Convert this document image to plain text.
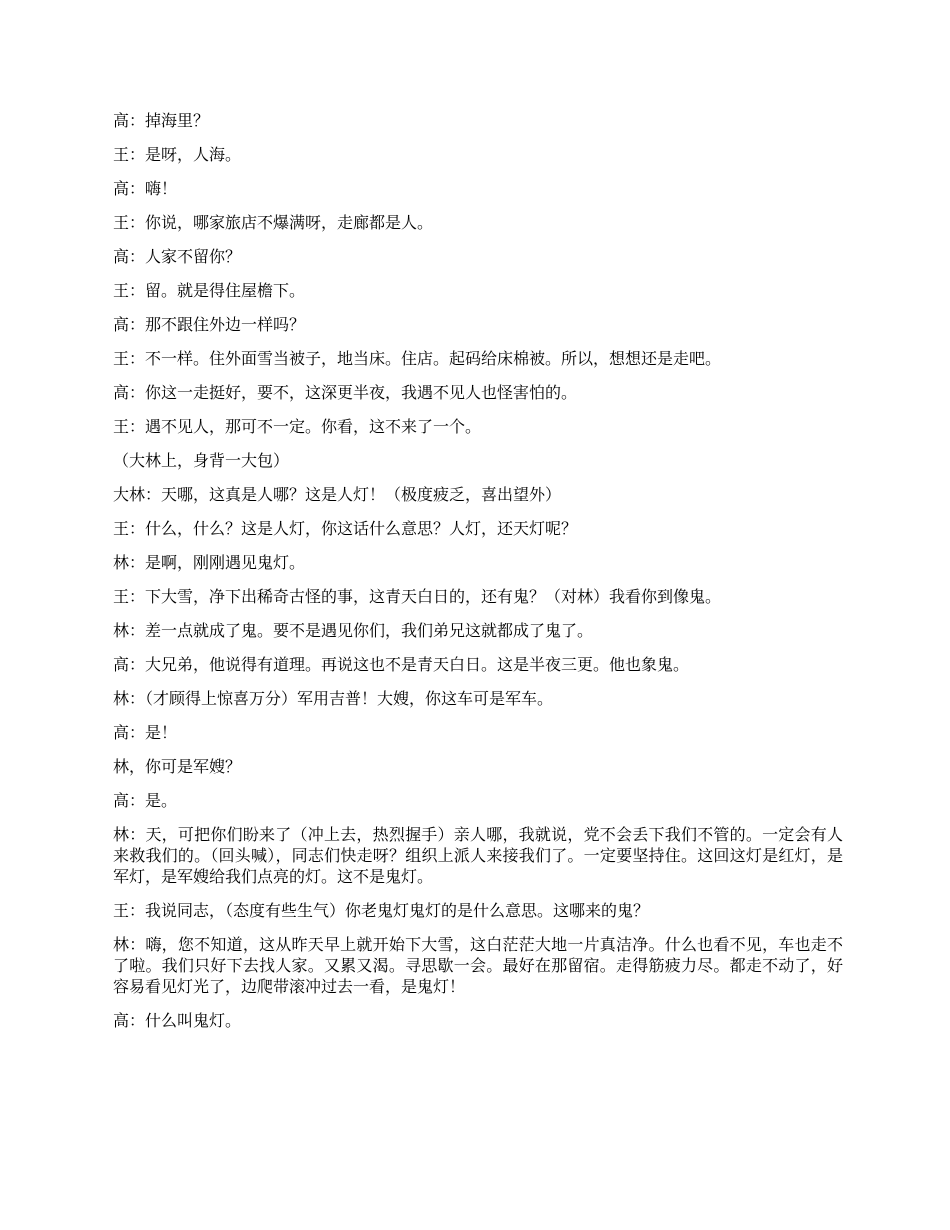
高：掉海里？

王：是呀，人海。

高：嗨！

王：你说，哪家旅店不爆满呀，走廊都是人。

高：人家不留你？

王：留。就是得住屋檐下。

高：那不跟住外边一样吗？

王：不一样。住外面雪当被子，地当床。住店。起码给床棉被。所以，想想还是走吧。

高：你这一走挺好，要不，这深更半夜，我遇不见人也怪害怕的。

王：遇不见人，那可不一定。你看，这不来了一个。

（大林上，身背一大包）

大林：天哪，这真是人哪？这是人灯！（极度疲乏，喜出望外）

王：什么，什么？这是人灯，你这话什么意思？人灯，还天灯呢？

林：是啊，刚刚遇见鬼灯。

王：下大雪，净下出稀奇古怪的事，这青天白日的，还有鬼？（对林）我看你到像鬼。

林：差一点就成了鬼。要不是遇见你们，我们弟兄这就都成了鬼了。

高：大兄弟，他说得有道理。再说这也不是青天白日。这是半夜三更。他也象鬼。

林：（才顾得上惊喜万分）军用吉普！大嫂，你这车可是军车。

高：是！

林，你可是军嫂？

高：是。

林：天，可把你们盼来了（冲上去，热烈握手）亲人哪，我就说，党不会丢下我们不管的。一定会有人来救我们的。（回头喊），同志们快走呀？组织上派人来接我们了。一定要坚持住。这回这灯是红灯，是军灯，是军嫂给我们点亮的灯。这不是鬼灯。

王：我说同志，（态度有些生气）你老鬼灯鬼灯的是什么意思。这哪来的鬼？

林：嗨，您不知道，这从昨天早上就开始下大雪，这白茫茫大地一片真洁净。什么也看不见，车也走不了啦。我们只好下去找人家。又累又渴。寻思歇一会。最好在那留宿。走得筋疲力尽。都走不动了，好容易看见灯光了，边爬带滚冲过去一看，是鬼灯！

高：什么叫鬼灯。
